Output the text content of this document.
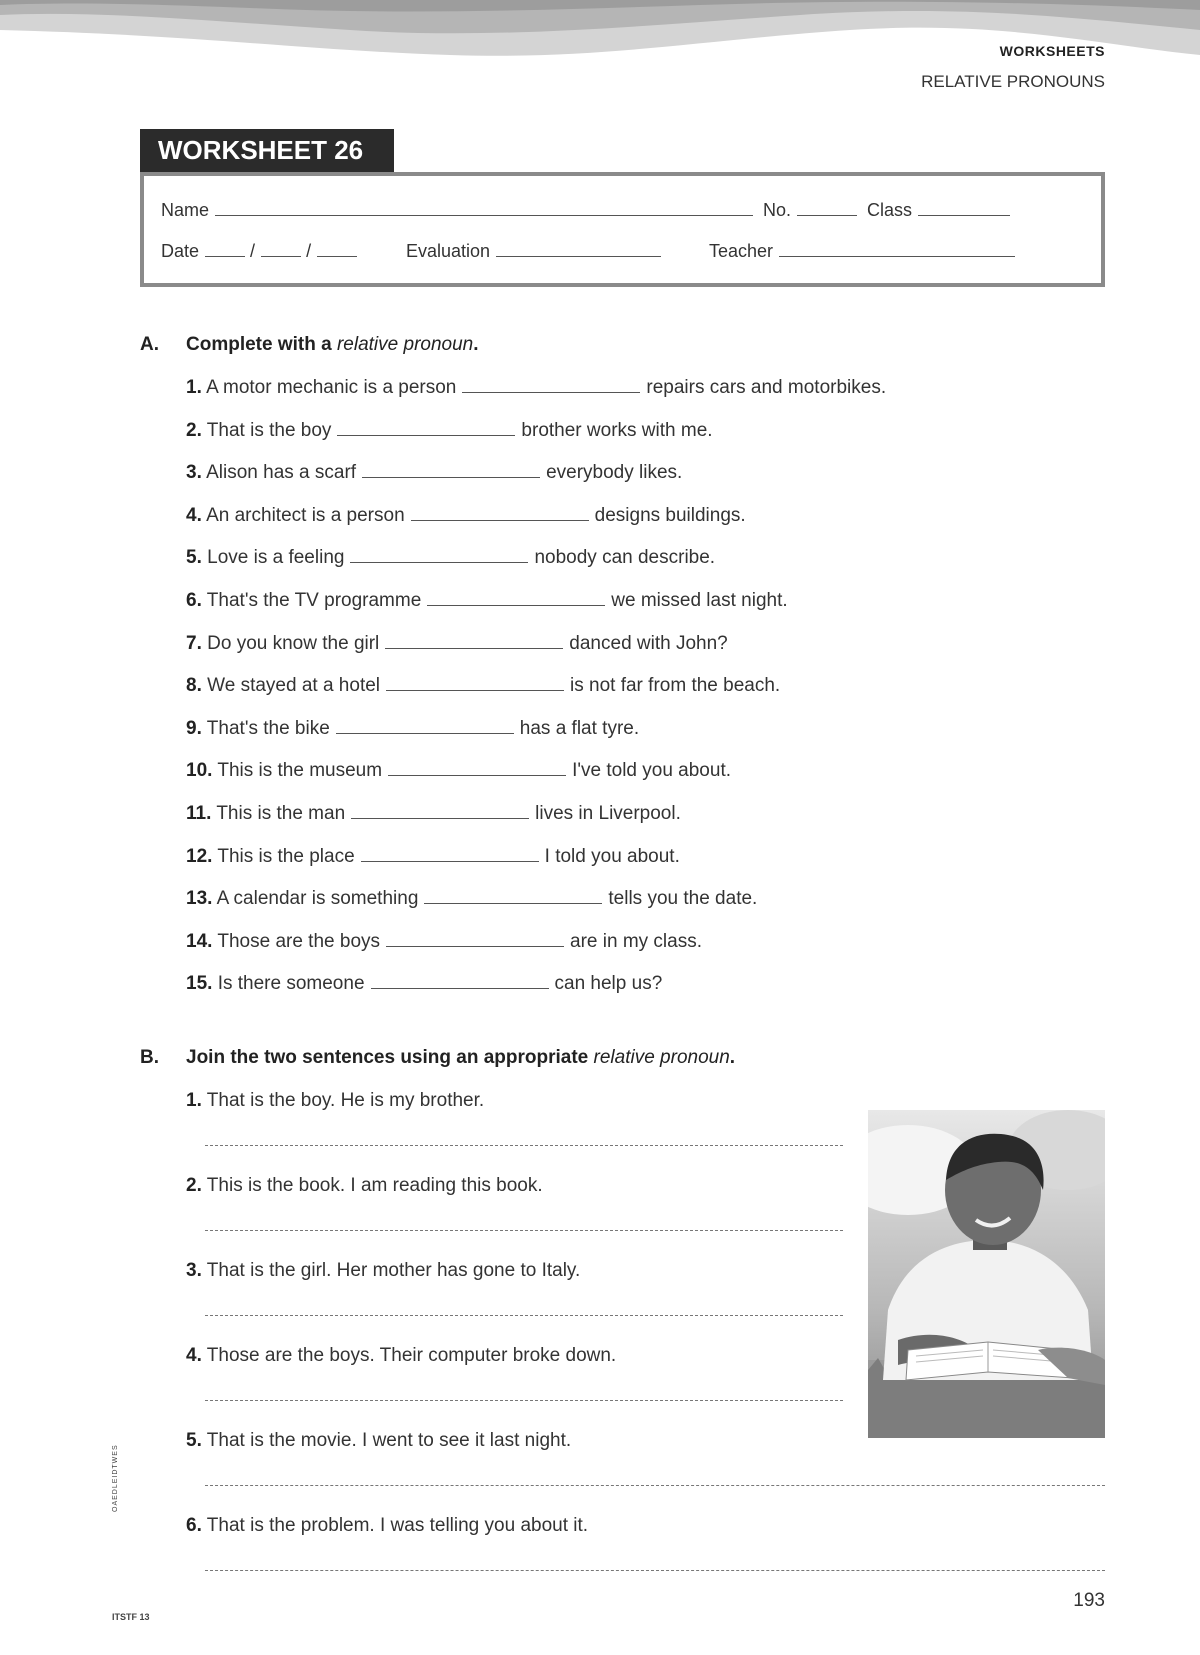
WORKSHEETS
RELATIVE PRONOUNS
WORKSHEET 26
Name	No.	Class
Date	/	/	Evaluation	Teacher
A. Complete with a relative pronoun.
1. A motor mechanic is a person	repairs cars and motorbikes.
2. That is the boy	brother works with me.
3. Alison has a scarf	everybody likes.
4. An architect is a person	designs buildings.
5. Love is a feeling	nobody can describe.
6. That's the TV programme	we missed last night.
7. Do you know the girl	danced with John?
8. We stayed at a hotel	is not far from the beach.
9. That's the bike	has a flat tyre.
10. This is the museum	I've told you about.
11. This is the man	lives in Liverpool.
12. This is the place	I told you about.
13. A calendar is something	tells you the date.
14. Those are the boys	are in my class.
15. Is there someone	can help us?
B. Join the two sentences using an appropriate relative pronoun.
1. That is the boy. He is my brother.
2. This is the book. I am reading this book.
3. That is the girl. Her mother has gone to Italy.
4. Those are the boys. Their computer broke down.
5. That is the movie. I went to see it last night.
6. That is the problem. I was telling you about it.
193
OAEDLEIDTWES
ITSTF 13
